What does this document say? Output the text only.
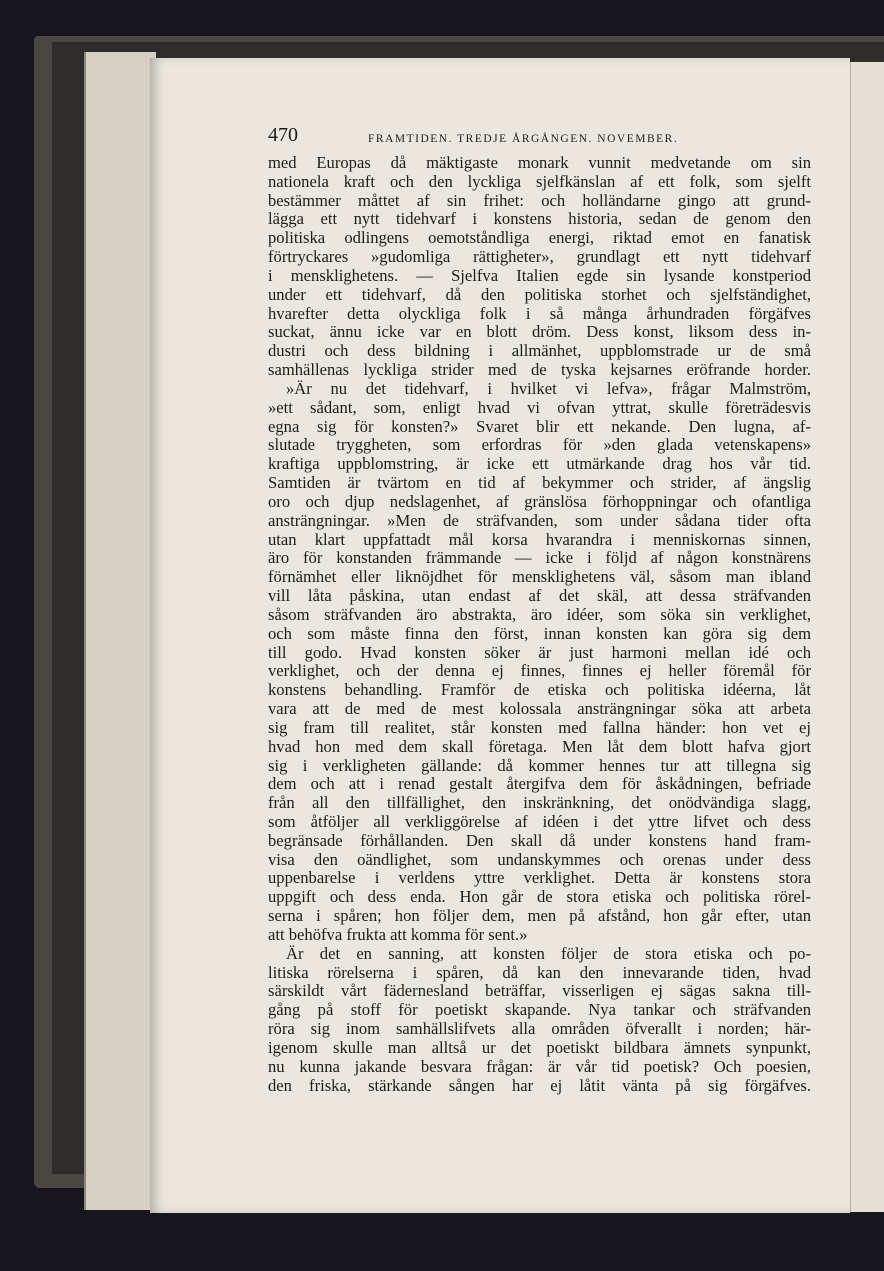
470	FRAMTIDEN. TREDJE ÅRGÅNGEN. NOVEMBER.
med Europas då mäktigaste monark vunnit medvetande om sin
nationela kraft och den lyckliga sjelfkänslan af ett folk, som sjelft
bestämmer måttet af sin frihet: och holländarne gingo att grund-
lägga ett nytt tidehvarf i konstens historia, sedan de genom den
politiska odlingens oemotståndliga energi, riktad emot en fanatisk
förtryckares »gudomliga rättigheter», grundlagt ett nytt tidehvarf
i mensklighetens. — Sjelfva Italien egde sin lysande konstperiod
under ett tidehvarf, då den politiska storhet och sjelfständighet,
hvarefter detta olyckliga folk i så många århundraden förgäfves
suckat, ännu icke var en blott dröm. Dess konst, liksom dess in-
dustri och dess bildning i allmänhet, uppblomstrade ur de små
samhällenas lyckliga strider med de tyska kejsarnes eröfrande horder.
»Är nu det tidehvarf, i hvilket vi lefva», frågar Malmström,
»ett sådant, som, enligt hvad vi ofvan yttrat, skulle företrädesvis
egna sig för konsten?» Svaret blir ett nekande. Den lugna, af-
slutade tryggheten, som erfordras för »den glada vetenskapens»
kraftiga uppblomstring, är icke ett utmärkande drag hos vår tid.
Samtiden är tvärtom en tid af bekymmer och strider, af ängslig
oro och djup nedslagenhet, af gränslösa förhoppningar och ofantliga
ansträngningar. »Men de sträfvanden, som under sådana tider ofta
utan klart uppfattadt mål korsa hvarandra i menniskornas sinnen,
äro för konstanden främmande — icke i följd af någon konstnärens
förnämhet eller liknöjdhet för mensklighetens väl, såsom man ibland
vill låta påskina, utan endast af det skäl, att dessa sträfvanden
såsom sträfvanden äro abstrakta, äro idéer, som söka sin verklighet,
och som måste finna den först, innan konsten kan göra sig dem
till godo. Hvad konsten söker är just harmoni mellan idé och
verklighet, och der denna ej finnes, finnes ej heller föremål för
konstens behandling. Framför de etiska och politiska idéerna, låt
vara att de med de mest kolossala ansträngningar söka att arbeta
sig fram till realitet, står konsten med fallna händer: hon vet ej
hvad hon med dem skall företaga. Men låt dem blott hafva gjort
sig i verkligheten gällande: då kommer hennes tur att tillegna sig
dem och att i renad gestalt återgifva dem för åskådningen, befriade
från all den tillfällighet, den inskränkning, det onödvändiga slagg,
som åtföljer all verkliggörelse af idéen i det yttre lifvet och dess
begränsade förhållanden. Den skall då under konstens hand fram-
visa den oändlighet, som undanskymmes och orenas under dess
uppenbarelse i verldens yttre verklighet. Detta är konstens stora
uppgift och dess enda. Hon går de stora etiska och politiska rörel-
serna i spåren; hon följer dem, men på afstånd, hon går efter, utan
att behöfva frukta att komma för sent.»
Är det en sanning, att konsten följer de stora etiska och po-
litiska rörelserna i spåren, då kan den innevarande tiden, hvad
särskildt vårt fädernesland beträffar, visserligen ej sägas sakna till-
gång på stoff för poetiskt skapande. Nya tankar och sträfvanden
röra sig inom samhällslifvets alla områden öfverallt i norden; här-
igenom skulle man alltså ur det poetiskt bildbara ämnets synpunkt,
nu kunna jakande besvara frågan: är vår tid poetisk? Och poesien,
den friska, stärkande sången har ej låtit vänta på sig förgäfves.
